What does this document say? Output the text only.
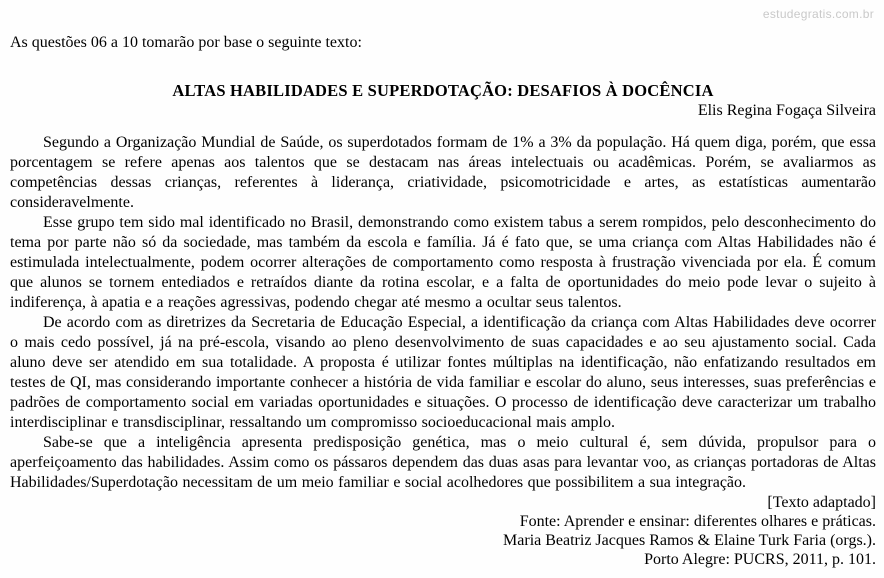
estudegratis.com.br

As questões 06 a 10 tomarão por base o seguinte texto:

ALTAS HABILIDADES E SUPERDOTAÇÃO: DESAFIOS À DOCÊNCIA

Elis Regina Fogaça Silveira

Segundo a Organização Mundial de Saúde, os superdotados formam de 1% a 3% da população. Há quem diga, porém, que essa porcentagem se refere apenas aos talentos que se destacam nas áreas intelectuais ou acadêmicas. Porém, se avaliarmos as competências dessas crianças, referentes à liderança, criatividade, psicomotricidade e artes, as estatísticas aumentarão consideravelmente.

Esse grupo tem sido mal identificado no Brasil, demonstrando como existem tabus a serem rompidos, pelo desconhecimento do tema por parte não só da sociedade, mas também da escola e família. Já é fato que, se uma criança com Altas Habilidades não é estimulada intelectualmente, podem ocorrer alterações de comportamento como resposta à frustração vivenciada por ela. É comum que alunos se tornem entediados e retraídos diante da rotina escolar, e a falta de oportunidades do meio pode levar o sujeito à indiferença, à apatia e a reações agressivas, podendo chegar até mesmo a ocultar seus talentos.

De acordo com as diretrizes da Secretaria de Educação Especial, a identificação da criança com Altas Habilidades deve ocorrer o mais cedo possível, já na pré-escola, visando ao pleno desenvolvimento de suas capacidades e ao seu ajustamento social. Cada aluno deve ser atendido em sua totalidade. A proposta é utilizar fontes múltiplas na identificação, não enfatizando resultados em testes de QI, mas considerando importante conhecer a história de vida familiar e escolar do aluno, seus interesses, suas preferências e padrões de comportamento social em variadas oportunidades e situações. O processo de identificação deve caracterizar um trabalho interdisciplinar e transdisciplinar, ressaltando um compromisso socioeducacional mais amplo.

Sabe-se que a inteligência apresenta predisposição genética, mas o meio cultural é, sem dúvida, propulsor para o aperfeiçoamento das habilidades. Assim como os pássaros dependem das duas asas para levantar voo, as crianças portadoras de Altas Habilidades/Superdotação necessitam de um meio familiar e social acolhedores que possibilitem a sua integração.

[Texto adaptado]
Fonte: Aprender e ensinar: diferentes olhares e práticas.
Maria Beatriz Jacques Ramos & Elaine Turk Faria (orgs.).
Porto Alegre: PUCRS, 2011, p. 101.
